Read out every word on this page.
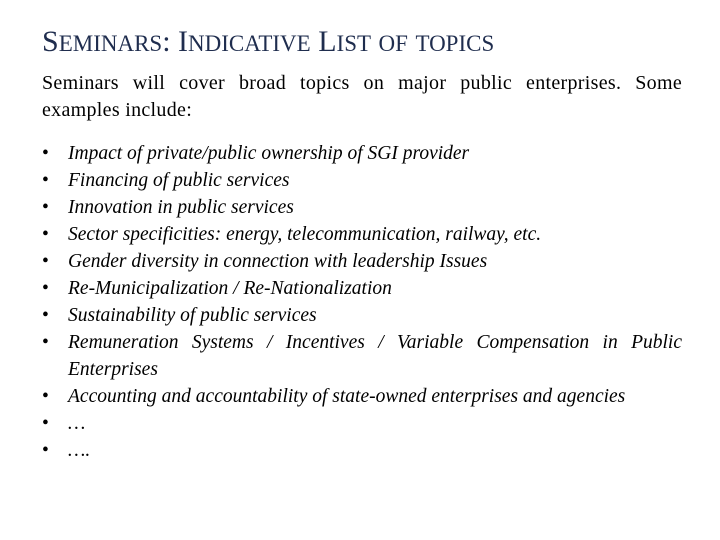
SEMINARS: INDICATIVE LIST OF TOPICS

Seminars will cover broad topics on major public enterprises. Some examples include:

• Impact of private/public ownership of SGI provider
• Financing of public services
• Innovation in public services
• Sector specificities: energy, telecommunication, railway, etc.
• Gender diversity in connection with leadership Issues
• Re-Municipalization / Re-Nationalization
• Sustainability of public services
• Remuneration Systems / Incentives / Variable Compensation in Public Enterprises
• Accounting and accountability of state-owned enterprises and agencies
• …
• ….
